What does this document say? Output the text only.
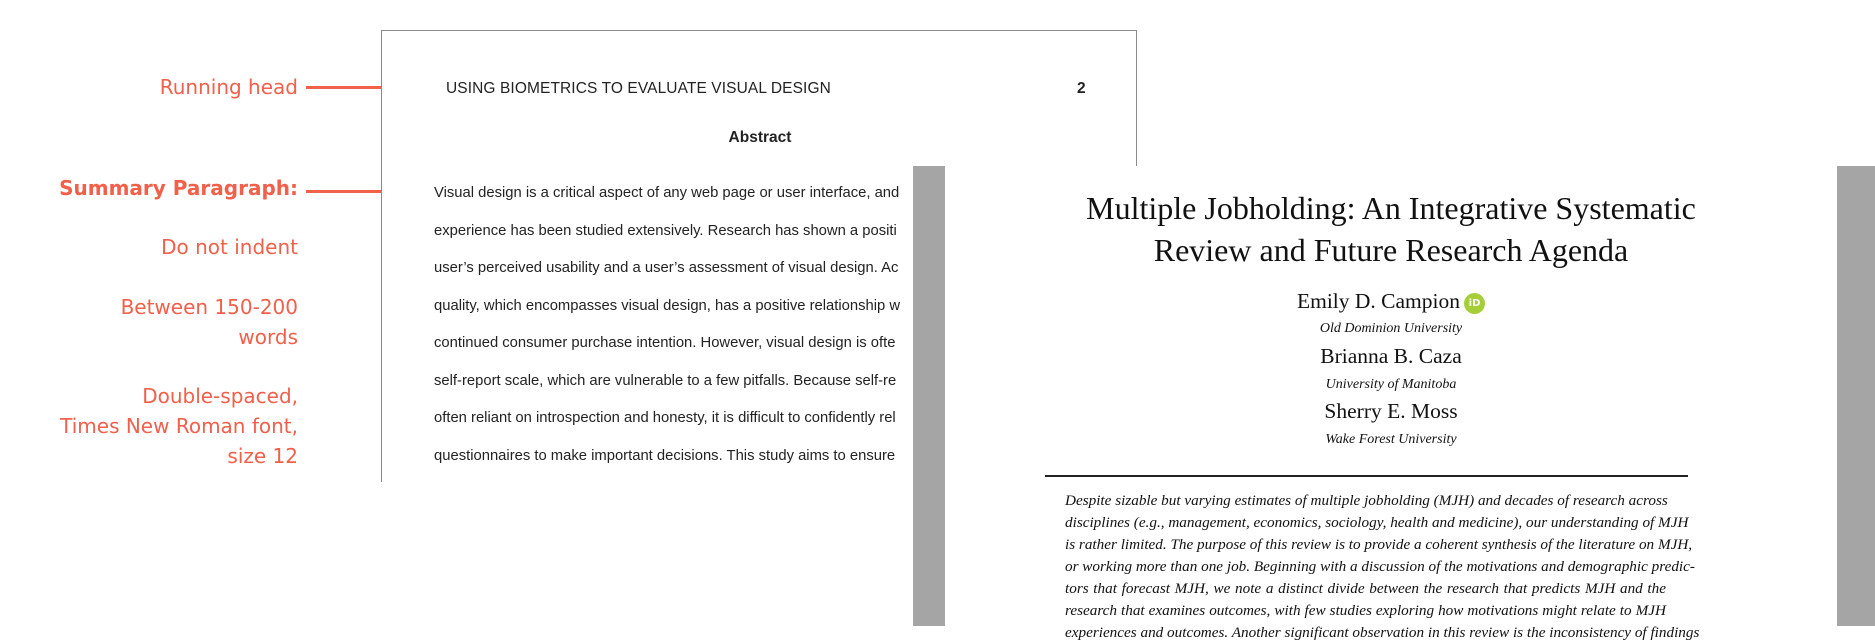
Running head
Summary Paragraph:
Do not indent
Between 150-200
words
Double-spaced,
Times New Roman font,
size 12
USING BIOMETRICS TO EVALUATE VISUAL DESIGN	2
Abstract
Visual design is a critical aspect of any web page or user interface, and
experience has been studied extensively. Research has shown a positi
user’s perceived usability and a user’s assessment of visual design. Ac
quality, which encompasses visual design, has a positive relationship w
continued consumer purchase intention. However, visual design is ofte
self-report scale, which are vulnerable to a few pitfalls. Because self-re
often reliant on introspection and honesty, it is difficult to confidently rel
questionnaires to make important decisions. This study aims to ensure
Multiple Jobholding: An Integrative Systematic
Review and Future Research Agenda
Emily D. Campion iD
Old Dominion University
Brianna B. Caza
University of Manitoba
Sherry E. Moss
Wake Forest University
Despite sizable but varying estimates of multiple jobholding (MJH) and decades of research across
disciplines (e.g., management, economics, sociology, health and medicine), our understanding of MJH
is rather limited. The purpose of this review is to provide a coherent synthesis of the literature on MJH,
or working more than one job. Beginning with a discussion of the motivations and demographic predic-
tors that forecast MJH, we note a distinct divide between the research that predicts MJH and the
research that examines outcomes, with few studies exploring how motivations might relate to MJH
experiences and outcomes. Another significant observation in this review is the inconsistency of findings
